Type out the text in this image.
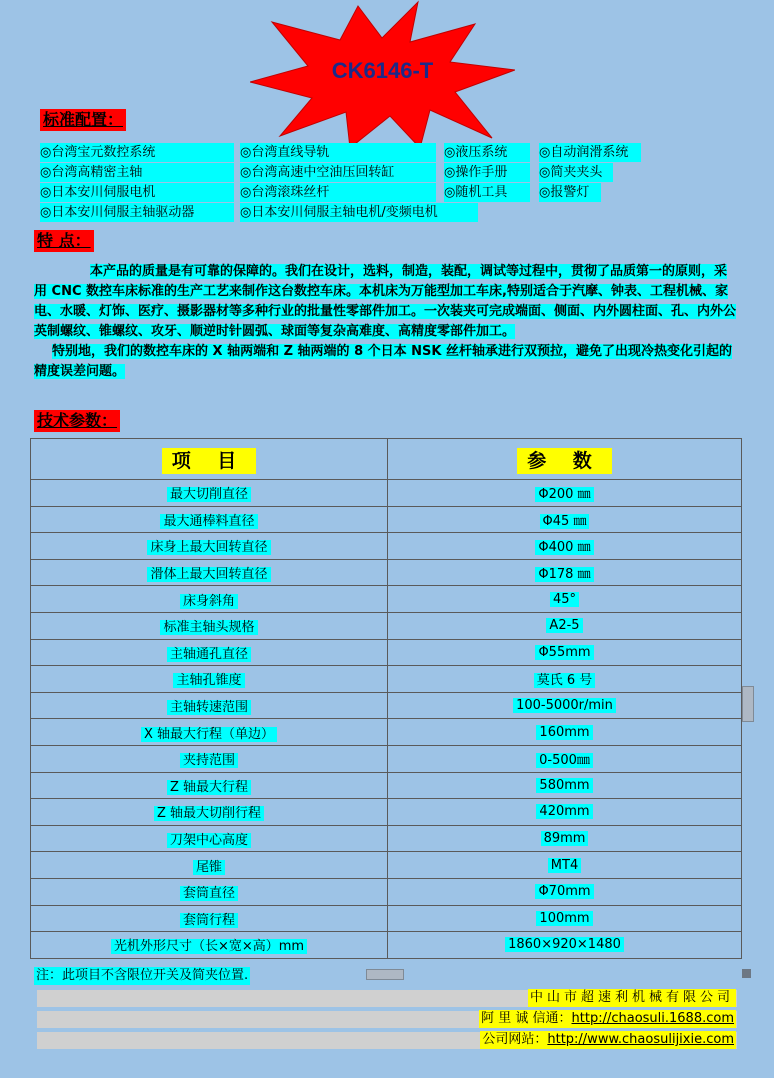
CK6146-T
标准配置：
◎台湾宝元数控系统	◎台湾直线导轨	◎液压系统	◎自动润滑系统
◎台湾高精密主轴	◎台湾高速中空油压回转缸	◎操作手册	◎简夹夹头
◎日本安川伺服电机	◎台湾滚珠丝杆	◎随机工具	◎报警灯
◎日本安川伺服主轴驱动器	◎日本安川伺服主轴电机/变频电机
特 点：
本产品的质量是有可靠的保障的。我们在设计，选料，制造，装配，调试等过程中，贯彻了品质第一的原则，采用 CNC 数控车床标准的生产工艺来制作这台数控车床。本机床为万能型加工车床,特别适合于汽摩、钟表、工程机械、家电、水暖、灯饰、医疗、摄影器材等多种行业的批量性零部件加工。一次装夹可完成端面、侧面、内外圆柱面、孔、内外公英制螺纹、锥螺纹、攻牙、顺逆时针圆弧、球面等复杂高难度、高精度零部件加工。
特别地，我们的数控车床的 X 轴两端和 Z 轴两端的 8 个日本 NSK 丝杆轴承进行双预拉，避免了出现冷热变化引起的精度误差问题。
技术参数：
项 目	参 数
最大切削直径	Φ200 ㎜
最大通棒料直径	Φ45 ㎜
床身上最大回转直径	Φ400 ㎜
滑体上最大回转直径	Φ178 ㎜
床身斜角	45°
标准主轴头规格	A2-5
主轴通孔直径	Φ55mm
主轴孔锥度	莫氏 6 号
主轴转速范围	100-5000r/min
X 轴最大行程（单边）	160mm
夹持范围	0-500㎜
Z 轴最大行程	580mm
Z 轴最大切削行程	420mm
刀架中心高度	89mm
尾锥	MT4
套筒直径	Φ70mm
套筒行程	100mm
光机外形尺寸（长×宽×高）mm	1860×920×1480
注：此项目不含限位开关及简夹位置.
中山市超速利机械有限公司
阿 里 诚 信通：http://chaosuli.1688.com
公司网站：http://www.chaosulijixie.com
